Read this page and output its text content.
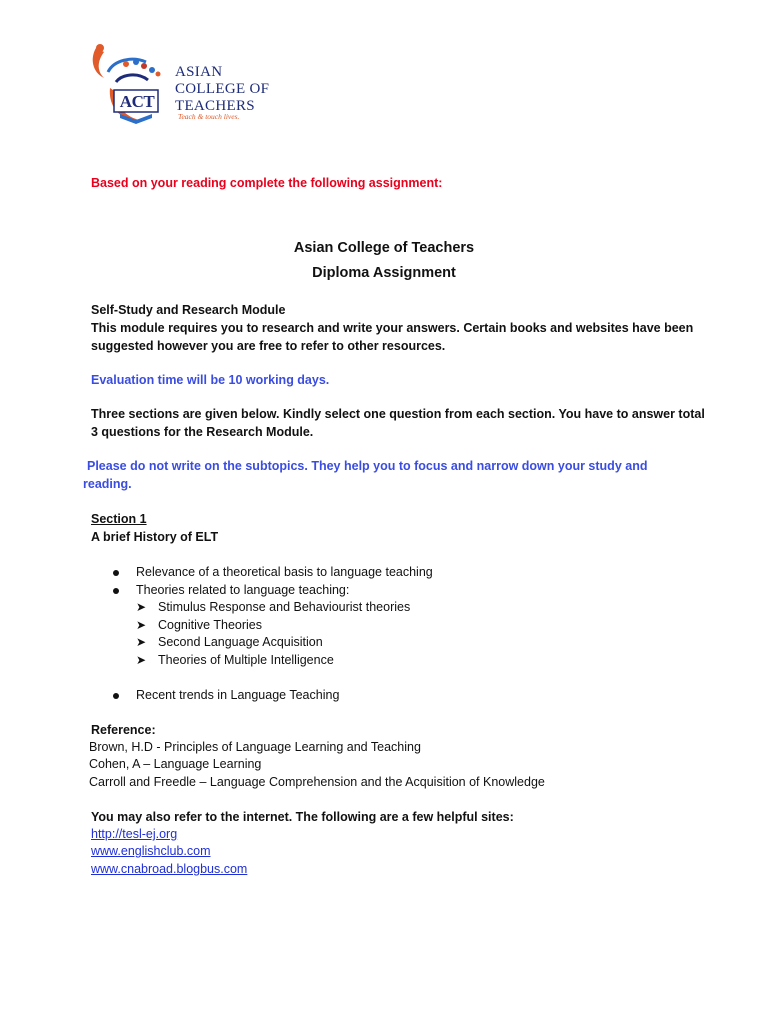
ACT
ASIAN
COLLEGE OF
TEACHERS
Teach & touch lives.
Based on your reading complete the following assignment:
Asian College of Teachers
Diploma Assignment
Self-Study and Research Module
This module requires you to research and write your answers. Certain books and websites have been
suggested however you are free to refer to other resources.
Evaluation time will be 10 working days.
Three sections are given below. Kindly select one question from each section. You have to answer total
3 questions for the Research Module.
Please do not write on the subtopics. They help you to focus and narrow down your study and
reading.
Section 1
A brief History of ELT
Relevance of a theoretical basis to language teaching
Theories related to language teaching:
➤ Stimulus Response and Behaviourist theories
➤ Cognitive Theories
➤ Second Language Acquisition
➤ Theories of Multiple Intelligence
Recent trends in Language Teaching
Reference:
Brown, H.D - Principles of Language Learning and Teaching
Cohen, A – Language Learning
Carroll and Freedle – Language Comprehension and the Acquisition of Knowledge
You may also refer to the internet. The following are a few helpful sites:
http://tesl-ej.org
www.englishclub.com
www.cnabroad.blogbus.com
